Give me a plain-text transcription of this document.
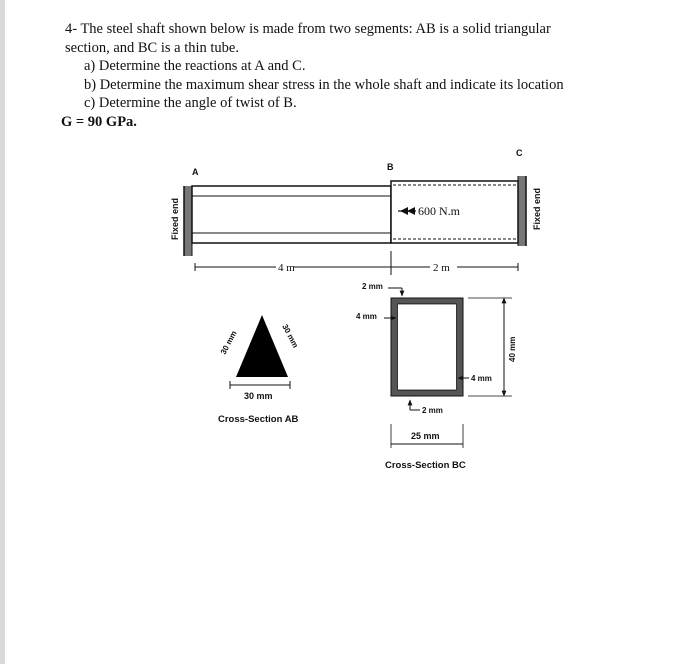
4- The steel shaft shown below is made from two segments: AB is a solid triangular
section, and BC is a thin tube.
a) Determine the reactions at A and C.
b) Determine the maximum shear stress in the whole shaft and indicate its location
c) Determine the angle of twist of B.
G = 90 GPa.
600 N.m
A	B
C
Fixed end	Fixed end
4 m	2 m
30 mm	30 mm
30 mm
Cross-Section AB
2 mm
4 mm
4 mm
2 mm
25 mm
40 mm
Cross-Section BC
